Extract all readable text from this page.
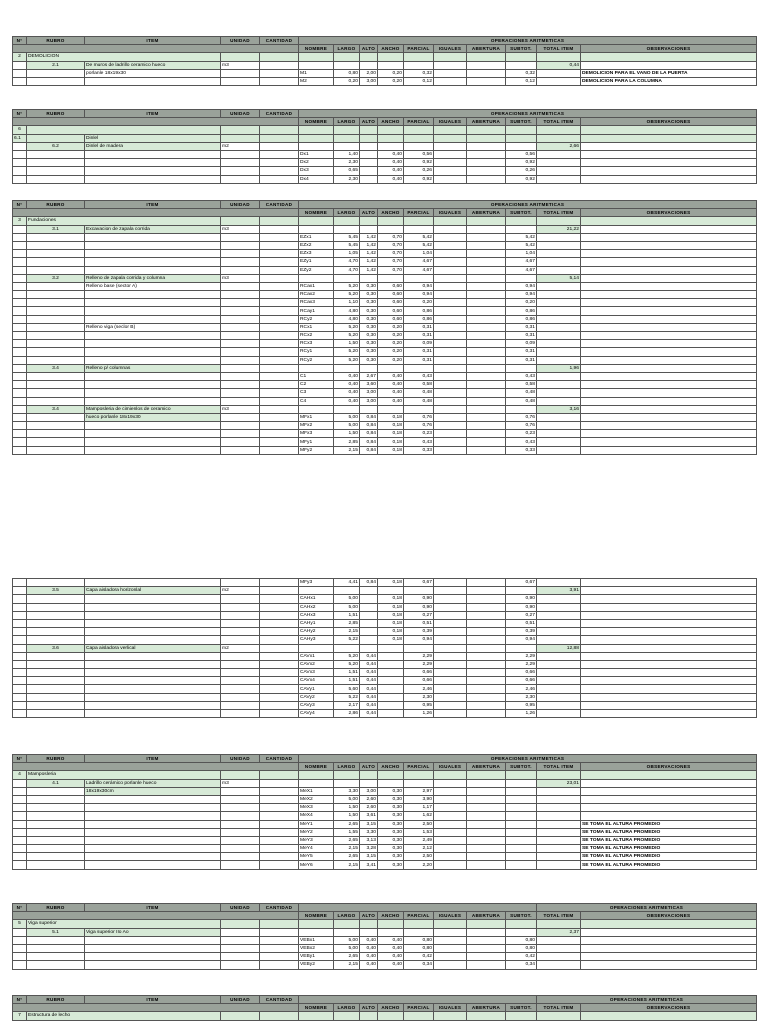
N°	RUBRO	ITEM	UNIDAD	CANTIDAD	OPERACIONES ARITMETICAS									
					NOMBRE	LARGO	ALTO	ANCHO	PARCIAL	IGUALES	ABERTURA	SUBTOT.	TOTAL ITEM	OBSERVACIONES
2	DEMOLICION													
	2.1	De muros de ladrillo ceramico hueco	m3										0,44	
		porlanle 18x19x30			M1	0,80	2,00	0,20	0,32			0,32		DEMOLICION PARA EL VANO DE LA PUERTA
					M2	0,20	3,00	0,20	0,12			0,12		DEMOLICION PARA LA COLUMNA
N°	RUBRO	ITEM	UNIDAD	CANTIDAD	OPERACIONES ARITMETICAS									
					NOMBRE	LARGO	ALTO	ANCHO	PARCIAL	IGUALES	ABERTURA	SUBTOT.	TOTAL ITEM	OBSERVACIONES
6														
6.1		Dinlel												
	6.2	Dinlel de madera	m2										2,66	
					Dx1	1,40		0,40	0,56			0,56		
					Dx2	2,30		0,40	0,92			0,92		
					Dx3	0,65		0,40	0,26			0,26		
					Dx4	2,30		0,40	0,92			0,92		
N°	RUBRO	ITEM	UNIDAD	CANTIDAD	OPERACIONES ARITMETICAS									
					NOMBRE	LARGO	ALTO	ANCHO	PARCIAL	IGUALES	ABERTURA	SUBTOT.	TOTAL ITEM	OBSERVACIONES
3	Fundaciones													
	3.1	Excavacion de zapala corrida	m3										21,22	
					EZx1	5,45	1,42	0,70	5,42			5,42		
					EZx2	5,45	1,42	0,70	5,42			5,42		
					EZx3	1,05	1,42	0,70	1,04			1,04		
					EZy1	4,70	1,42	0,70	4,67			4,67		
					EZy2	4,70	1,42	0,70	4,67			4,67		
	3.2	Relleno de zapala corrida y columna	m3										5,14	
		Relleno base (sector A)			RCax1	5,20	0,30	0,60	0,94			0,94		
					RCax2	5,20	0,30	0,60	0,94			0,94		
					RCax3	1,10	0,30	0,60	0,20			0,20		
					RCay1	4,80	0,30	0,60	0,86			0,86		
					RCy2	4,80	0,30	0,60	0,86			0,86		
		Relleno viga (seclor B)			RCx1	5,20	0,30	0,20	0,31			0,31		
					RCx2	5,20	0,30	0,20	0,31			0,31		
					RCx3	1,50	0,30	0,20	0,09			0,09		
					RCy1	5,20	0,30	0,20	0,31			0,31		
					RCy2	5,20	0,30	0,20	0,31			0,31		
	3.4	Relleno p/ columnas											1,96	
					C1	0,40	2,67	0,40	0,43			0,43		
					C2	0,40	3,60	0,40	0,58			0,58		
					C3	0,40	3,00	0,40	0,48			0,48		
					C4	0,40	3,00	0,40	0,48			0,48		
	3.4	Mamposleria de cimienlos de ceramico	m3										3,16	
		hueco porlanle 18x19x30			MFx1	5,00	0,84	0,18	0,76			0,76		
					MFx2	5,00	0,84	0,18	0,76			0,76		
					MFx3	1,50	0,84	0,18	0,23			0,23		
					MFy1	2,85	0,84	0,18	0,43			0,43		
					MFy2	2,15	0,84	0,18	0,33			0,33		
					MFy3	4,41	0,84	0,18	0,67			0,67		
	3.5	Capa aisladora horizonlal	m2										3,91	
					CAHx1	5,00		0,18	0,90			0,90		
					CAHx2	5,00		0,18	0,90			0,90		
					CAHx3	1,51		0,18	0,27			0,27		
					CAHy1	2,85		0,18	0,51			0,51		
					CAHy2	2,15		0,18	0,39			0,39		
					CAHy3	5,22		0,18	0,94			0,94		
	3.6	Capa aisladora verlical	m2										12,88	
					CAVx1	5,20	0,44		2,29			2,29		
					CAVx2	5,20	0,44		2,29			2,29		
					CAVx3	1,51	0,44		0,66			0,66		
					CAVx4	1,51	0,44		0,66			0,66		
					CAVy1	5,60	0,44		2,46			2,46		
					CAVy2	5,22	0,44		2,30			2,30		
					CAVy3	2,17	0,44		0,95			0,95		
					CAVy4	2,86	0,44		1,26			1,26		
N°	RUBRO	ITEM	UNIDAD	CANTIDAD	OPERACIONES ARITMETICAS									
					NOMBRE	LARGO	ALTO	ANCHO	PARCIAL	IGUALES	ABERTURA	SUBTOT.	TOTAL ITEM	OBSERVACIONES
4	Mamposleria													
	4.1	Ladrillo cerámico porlanle hueco	m3										23,01	
		18x19x30cm			MeX1	3,30	3,00	0,30	2,97					
					MeX2	5,00	2,60	0,30	3,90					
					MeX3	1,50	2,60	0,30	1,17					
					MeX4	1,50	3,61	0,30	1,62					
					MeY1	2,65	3,15	0,30	2,50					SE TOMA EL ALTURA PROMEDIO
					MeY2	1,55	3,30	0,30	1,53					SE TOMA EL ALTURA PROMEDIO
					MeY3	2,65	3,13	0,30	2,49					SE TOMA EL ALTURA PROMEDIO
					MeY4	2,15	3,28	0,30	2,12					SE TOMA EL ALTURA PROMEDIO
					MeY5	2,65	3,15	0,30	2,50					SE TOMA EL ALTURA PROMEDIO
					MeY6	2,15	3,41	0,30	2,20					SE TOMA EL ALTURA PROMEDIO
N°	RUBRO	ITEM	UNIDAD	CANTIDAD									OPERACIONES ARITMETICAS	
					NOMBRE	LARGO	ALTO	ANCHO	PARCIAL	IGUALES	ABERTURA	SUBTOT.	TOTAL ITEM	OBSERVACIONES
5	Viga superior													
	5.1	Viga superior IIo Ao											2,37	
					VEBx1	5,00	0,40	0,40	0,80			0,80		
					VEBx2	5,00	0,40	0,40	0,80			0,80		
					VEBy1	2,65	0,40	0,40	0,42			0,42		
					VEBy2	2,15	0,40	0,40	0,34			0,34		
N°	RUBRO	ITEM	UNIDAD	CANTIDAD									OPERACIONES ARITMETICAS	
					NOMBRE	LARGO	ALTO	ANCHO	PARCIAL	IGUALES	ABERTURA	SUBTOT.	TOTAL ITEM	OBSERVACIONES
7	Estructura de lecho													
